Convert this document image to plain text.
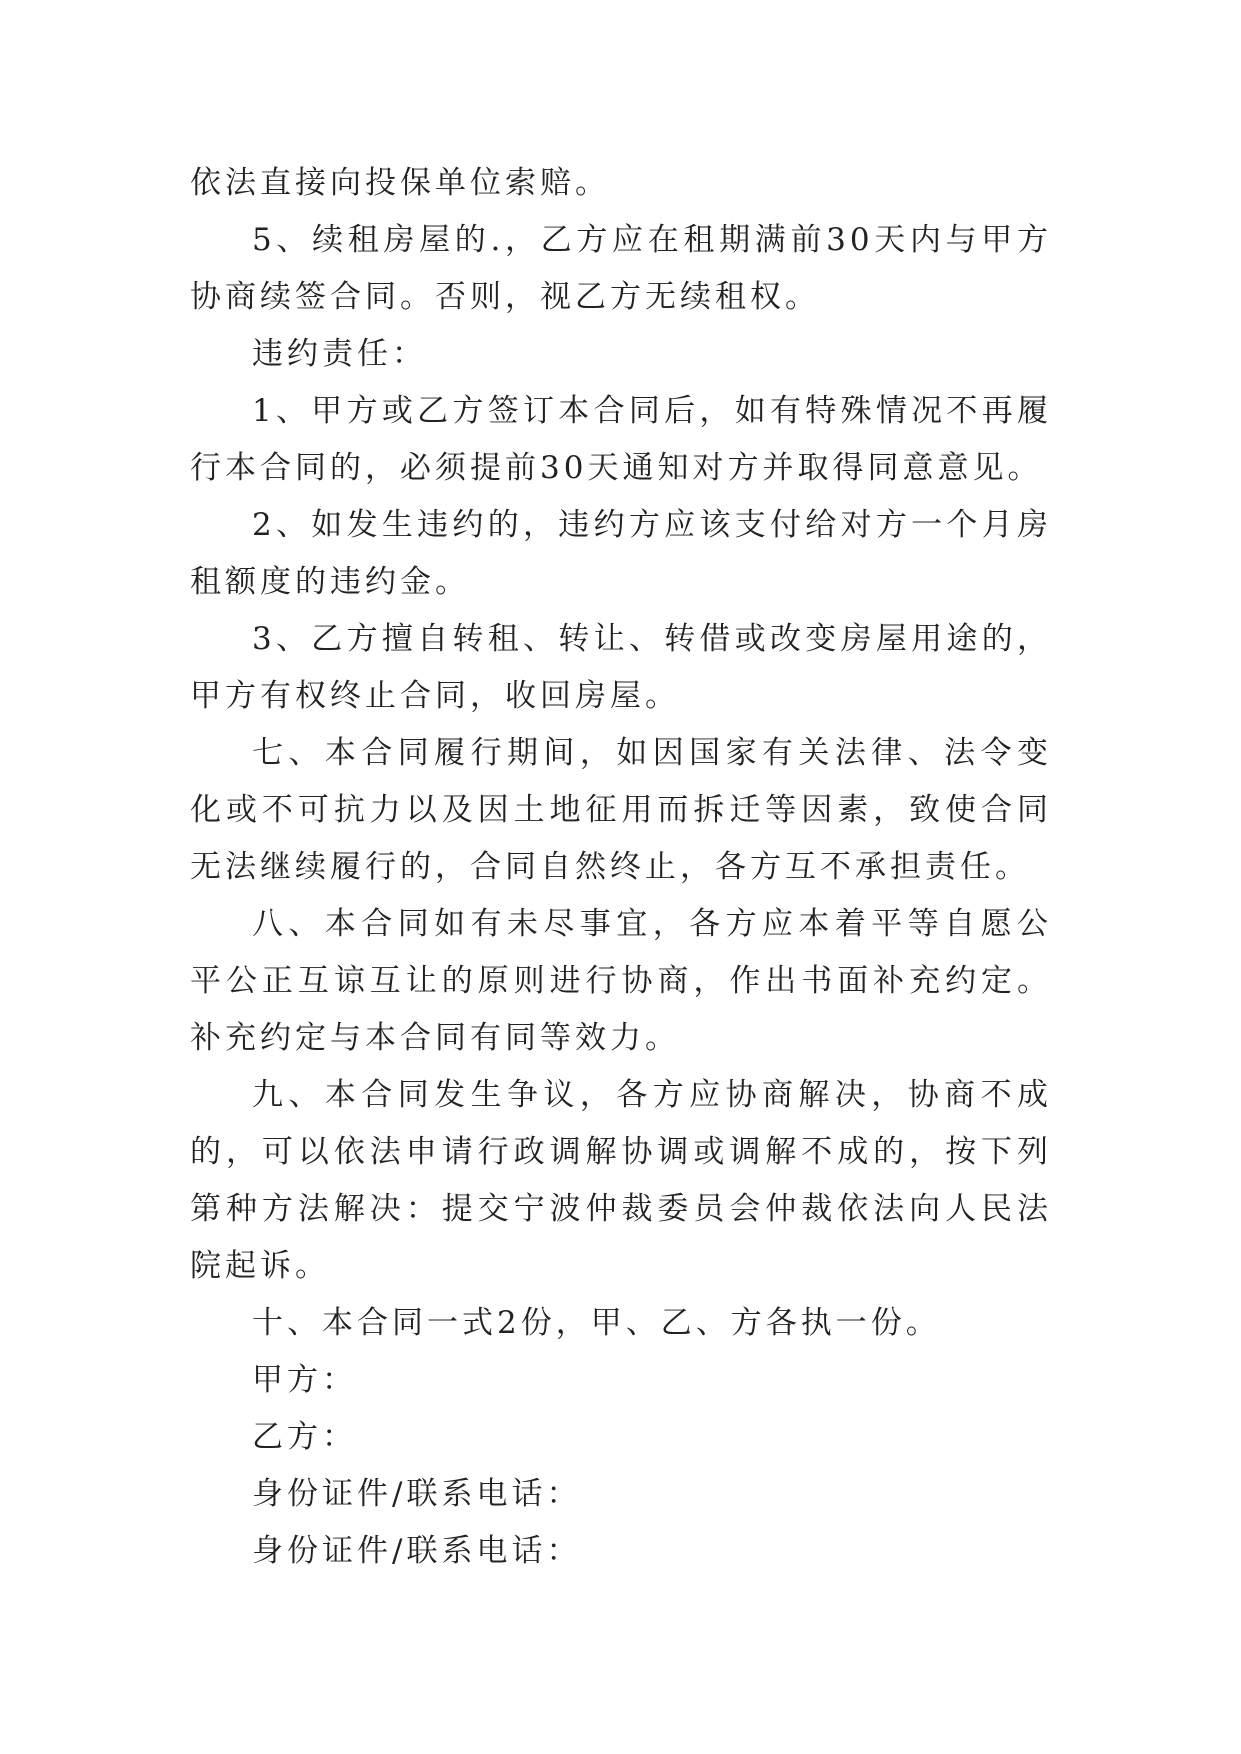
依法直接向投保单位索赔。

5、续租房屋的.，乙方应在租期满前30天内与甲方协商续签合同。否则，视乙方无续租权。

违约责任：

1、甲方或乙方签订本合同后，如有特殊情况不再履行本合同的，必须提前30天通知对方并取得同意意见。

2、如发生违约的，违约方应该支付给对方一个月房租额度的违约金。

3、乙方擅自转租、转让、转借或改变房屋用途的，甲方有权终止合同，收回房屋。

七、本合同履行期间，如因国家有关法律、法令变化或不可抗力以及因土地征用而拆迁等因素，致使合同无法继续履行的，合同自然终止，各方互不承担责任。

八、本合同如有未尽事宜，各方应本着平等自愿公平公正互谅互让的原则进行协商，作出书面补充约定。补充约定与本合同有同等效力。

九、本合同发生争议，各方应协商解决，协商不成的，可以依法申请行政调解协调或调解不成的，按下列第种方法解决：提交宁波仲裁委员会仲裁依法向人民法院起诉。

十、本合同一式2份，甲、乙、方各执一份。

甲方：

乙方：

身份证件/联系电话：

身份证件/联系电话：
